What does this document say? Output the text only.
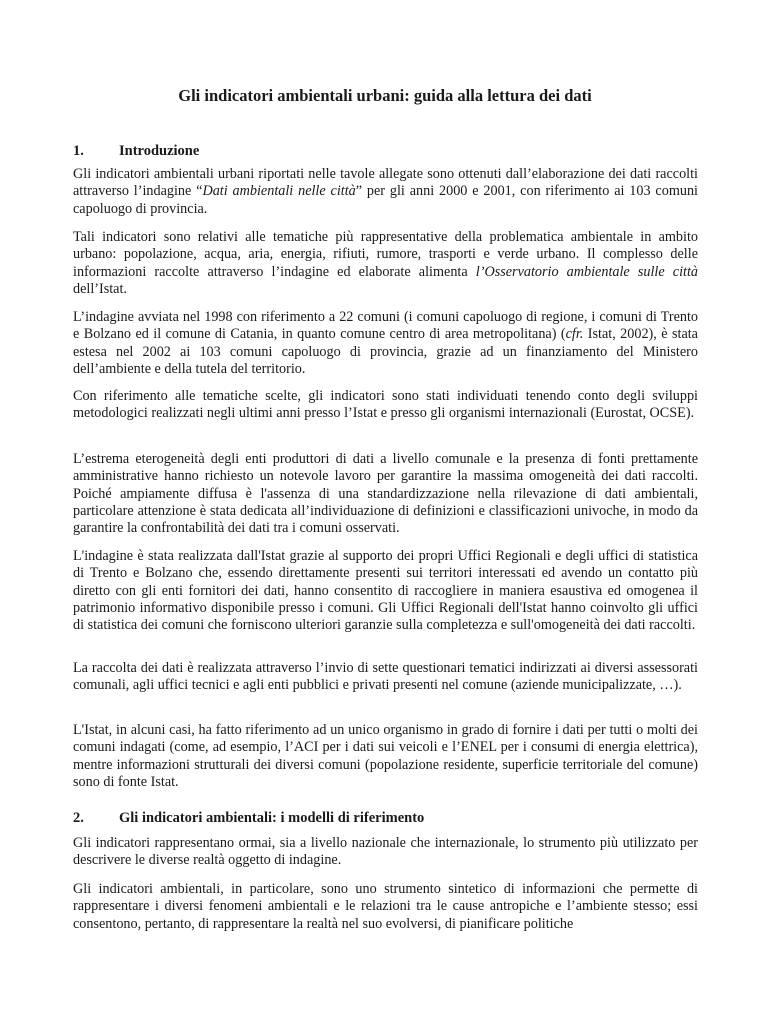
Gli indicatori ambientali urbani: guida alla lettura dei dati
1. Introduzione

Gli indicatori ambientali urbani riportati nelle tavole allegate sono ottenuti dall’elaborazione dei dati raccolti attraverso l’indagine “Dati ambientali nelle città” per gli anni 2000 e 2001, con riferimento ai 103 comuni capoluogo di provincia.

Tali indicatori sono relativi alle tematiche più rappresentative della problematica ambientale in ambito urbano: popolazione, acqua, aria, energia, rifiuti, rumore, trasporti e verde urbano. Il complesso delle informazioni raccolte attraverso l’indagine ed elaborate alimenta l’Osservatorio ambientale sulle città dell’Istat.

L’indagine avviata nel 1998 con riferimento a 22 comuni (i comuni capoluogo di regione, i comuni di Trento e Bolzano ed il comune di Catania, in quanto comune centro di area metropolitana) (cfr. Istat, 2002), è stata estesa nel 2002 ai 103 comuni capoluogo di provincia, grazie ad un finanziamento del Ministero dell’ambiente e della tutela del territorio.

Con riferimento alle tematiche scelte, gli indicatori sono stati individuati tenendo conto degli sviluppi metodologici realizzati negli ultimi anni presso l’Istat e presso gli organismi internazionali (Eurostat, OCSE).

L’estrema eterogeneità degli enti produttori di dati a livello comunale e la presenza di fonti prettamente amministrative hanno richiesto un notevole lavoro per garantire la massima omogeneità dei dati raccolti. Poiché ampiamente diffusa è l'assenza di una standardizzazione nella rilevazione di dati ambientali, particolare attenzione è stata dedicata all’individuazione di definizioni e classificazioni univoche, in modo da garantire la confrontabilità dei dati tra i comuni osservati.

L'indagine è stata realizzata dall'Istat grazie al supporto dei propri Uffici Regionali e degli uffici di statistica di Trento e Bolzano che, essendo direttamente presenti sui territori interessati ed avendo un contatto più diretto con gli enti fornitori dei dati, hanno consentito di raccogliere in maniera esaustiva ed omogenea il patrimonio informativo disponibile presso i comuni. Gli Uffici Regionali dell'Istat hanno coinvolto gli uffici di statistica dei comuni che forniscono ulteriori garanzie sulla completezza e sull'omogeneità dei dati raccolti.

La raccolta dei dati è realizzata attraverso l’invio di sette questionari tematici indirizzati ai diversi assessorati comunali, agli uffici tecnici e agli enti pubblici e privati presenti nel comune (aziende municipalizzate, …).

L'Istat, in alcuni casi, ha fatto riferimento ad un unico organismo in grado di fornire i dati per tutti o molti dei comuni indagati (come, ad esempio, l’ACI per i dati sui veicoli e l’ENEL per i consumi di energia elettrica), mentre informazioni strutturali dei diversi comuni (popolazione residente, superficie territoriale del comune) sono di fonte Istat.

2. Gli indicatori ambientali: i modelli di riferimento

Gli indicatori rappresentano ormai, sia a livello nazionale che internazionale, lo strumento più utilizzato per descrivere le diverse realtà oggetto di indagine.

Gli indicatori ambientali, in particolare, sono uno strumento sintetico di informazioni che permette di rappresentare i diversi fenomeni ambientali e le relazioni tra le cause antropiche e l’ambiente stesso; essi consentono, pertanto, di rappresentare la realtà nel suo evolversi, di pianificare politiche
